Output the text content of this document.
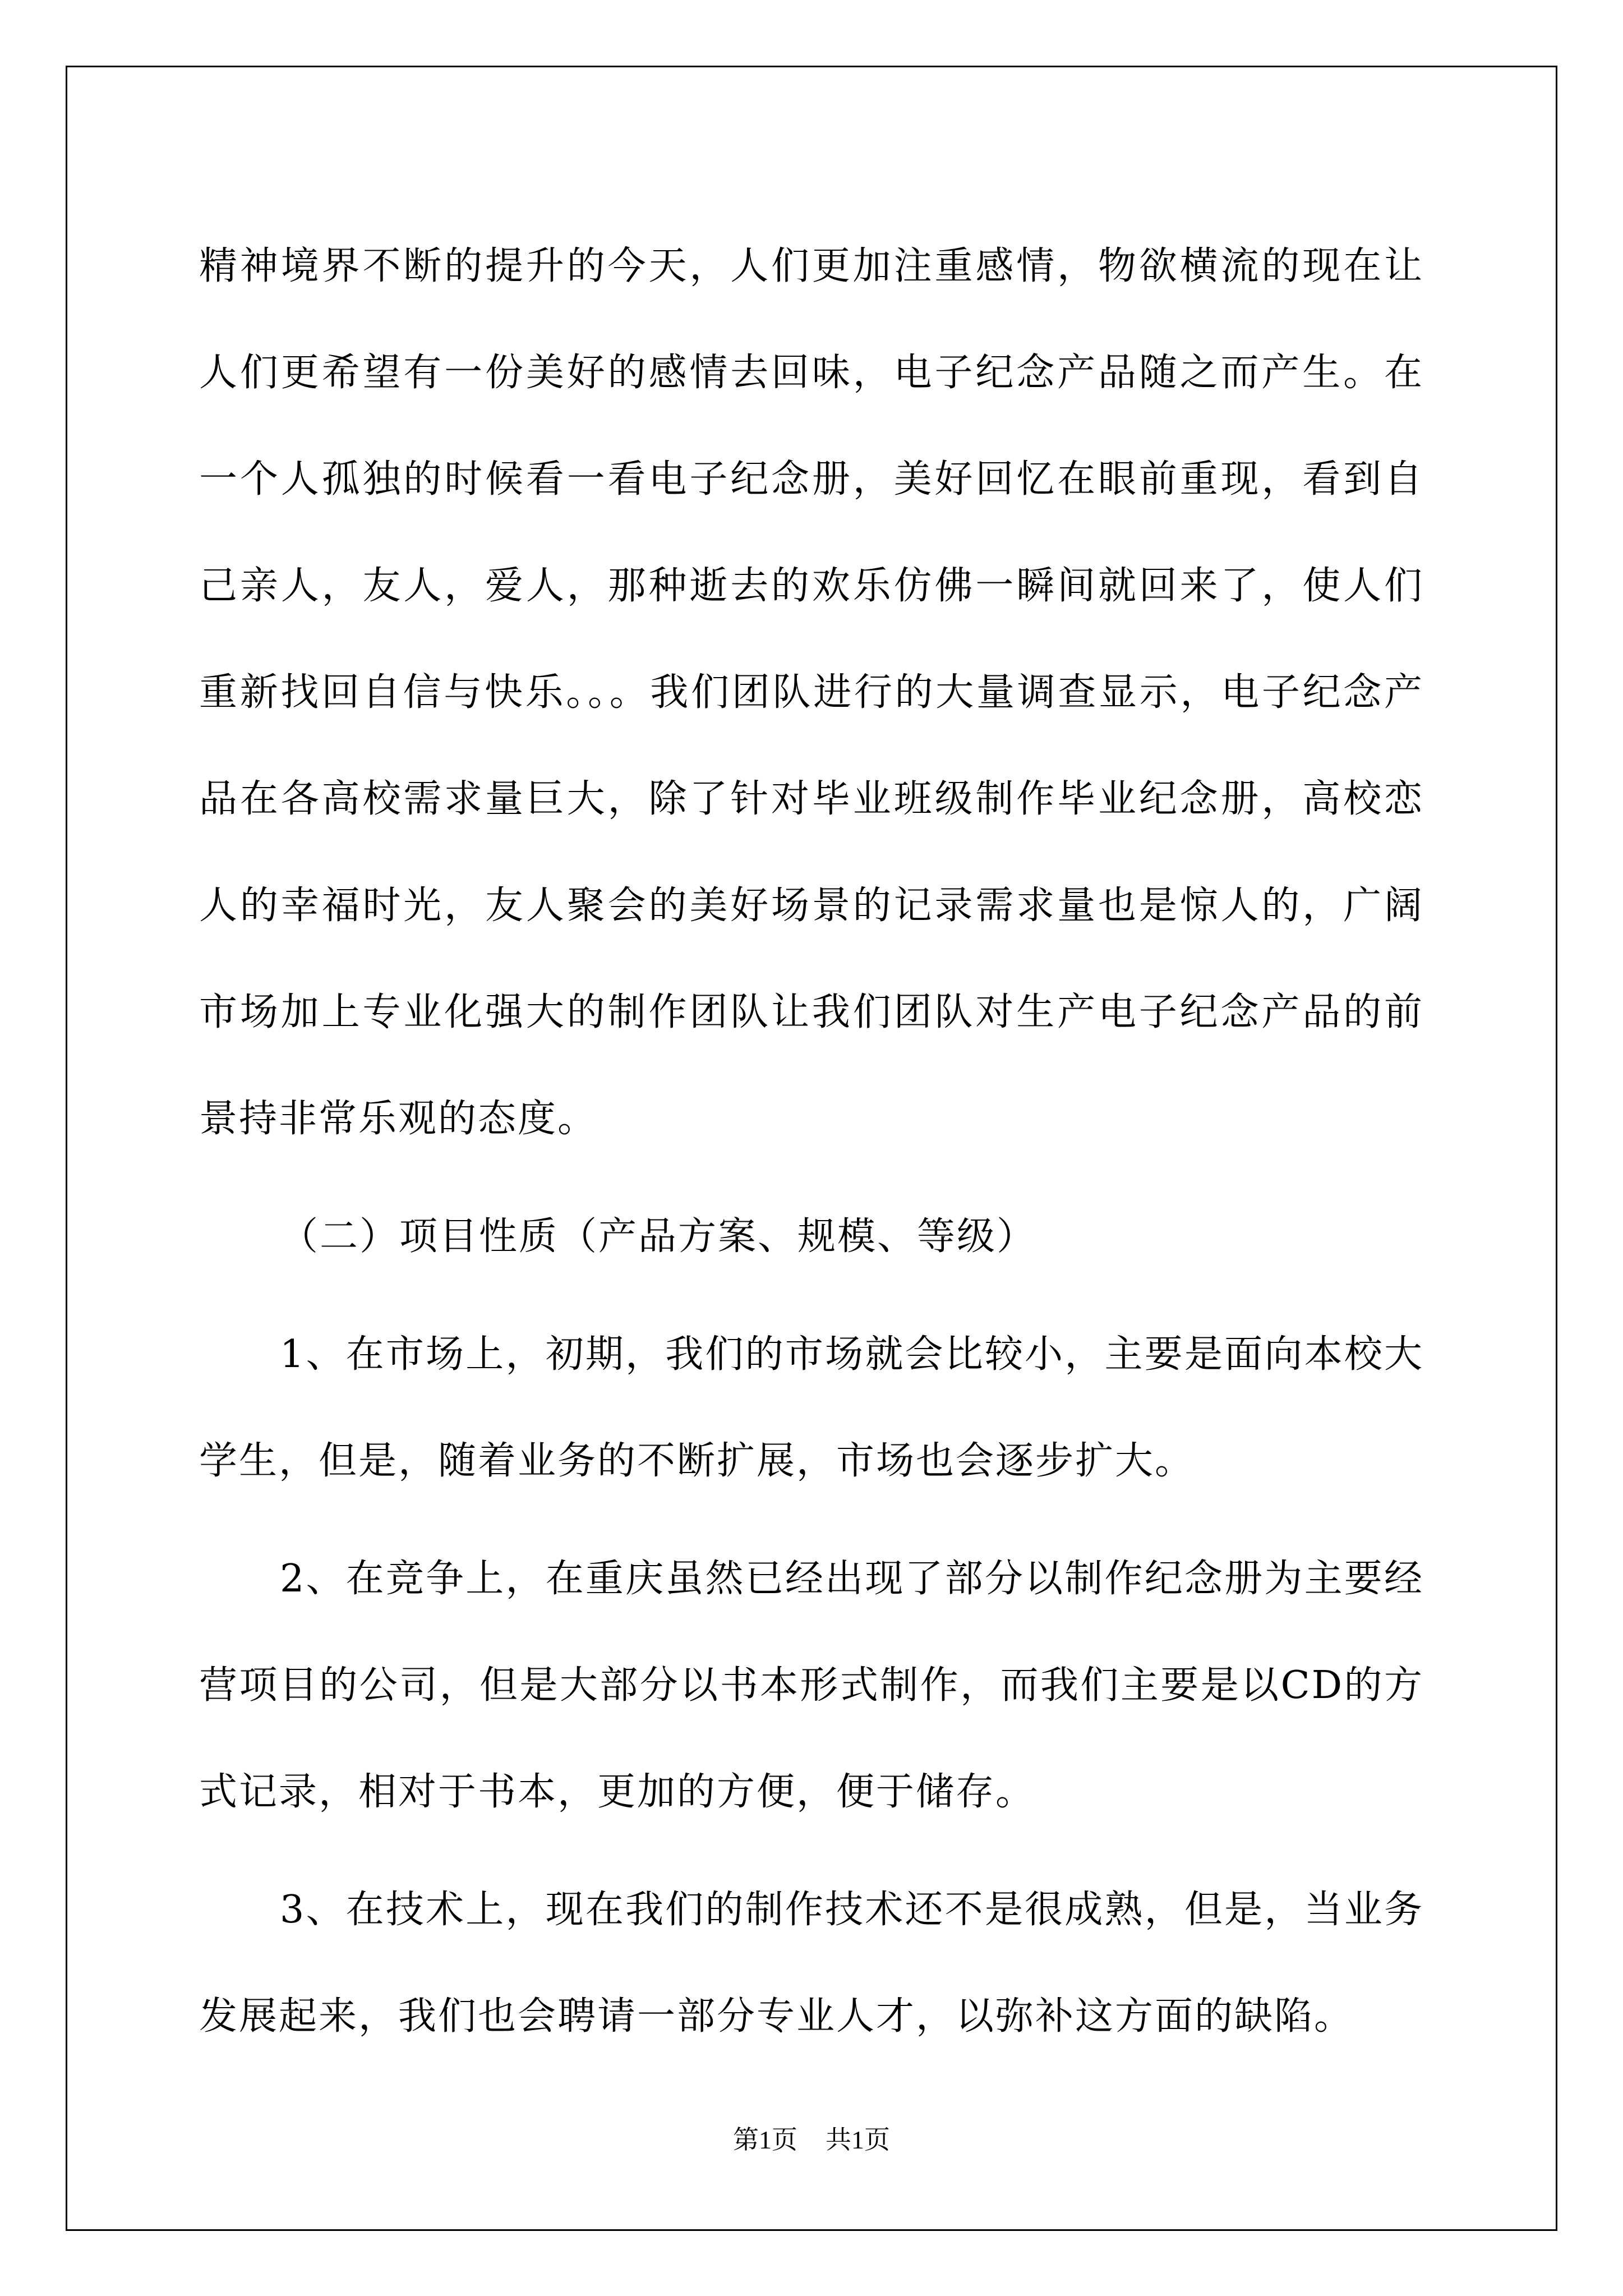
精神境界不断的提升的今天，人们更加注重感情，物欲横流的现在让人们更希望有一份美好的感情去回味，电子纪念产品随之而产生。在一个人孤独的时候看一看电子纪念册，美好回忆在眼前重现，看到自己亲人，友人，爱人，那种逝去的欢乐仿佛一瞬间就回来了，使人们重新找回自信与快乐。。。我们团队进行的大量调查显示，电子纪念产品在各高校需求量巨大，除了针对毕业班级制作毕业纪念册，高校恋人的幸福时光，友人聚会的美好场景的记录需求量也是惊人的，广阔市场加上专业化强大的制作团队让我们团队对生产电子纪念产品的前景持非常乐观的态度。

（二）项目性质（产品方案、规模、等级）

1、在市场上，初期，我们的市场就会比较小，主要是面向本校大学生，但是，随着业务的不断扩展，市场也会逐步扩大。

2、在竞争上，在重庆虽然已经出现了部分以制作纪念册为主要经营项目的公司，但是大部分以书本形式制作，而我们主要是以CD的方式记录，相对于书本，更加的方便，便于储存。

3、在技术上，现在我们的制作技术还不是很成熟，但是，当业务发展起来，我们也会聘请一部分专业人才，以弥补这方面的缺陷。

第1页 共1页
